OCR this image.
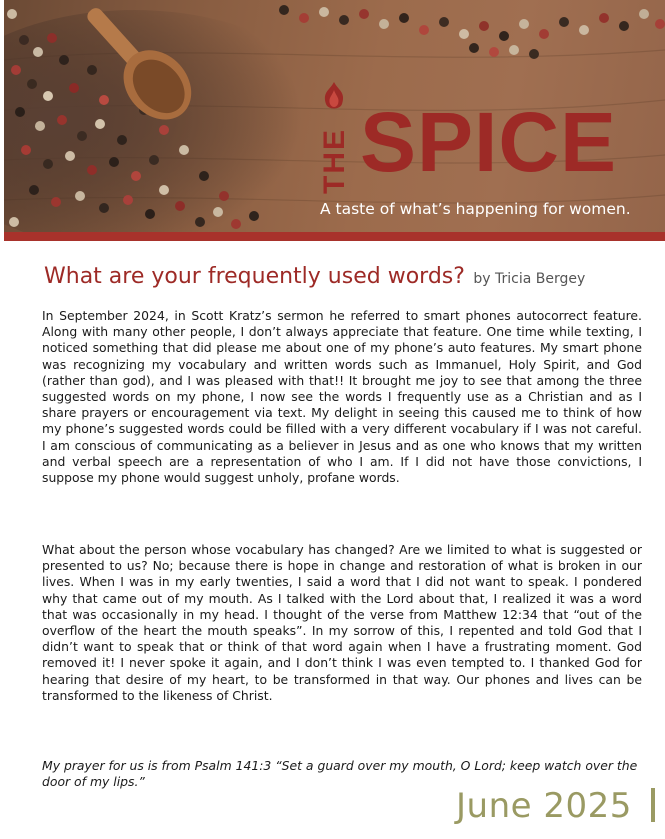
THE SPICE
A taste of what’s happening for women.
What are your frequently used words? by Tricia Bergey

In September 2024, in Scott Kratz’s sermon he referred to smart phones autocorrect feature. Along with many other people, I don’t always appreciate that feature. One time while texting, I noticed something that did please me about one of my phone’s auto features. My smart phone was recognizing my vocabulary and written words such as Immanuel, Holy Spirit, and God (rather than god), and I was pleased with that!! It brought me joy to see that among the three suggested words on my phone, I now see the words I frequently use as a Christian and as I share prayers or encouragement via text. My delight in seeing this caused me to think of how my phone’s suggested words could be filled with a very different vocabulary if I was not careful. I am conscious of communicating as a believer in Jesus and as one who knows that my written and verbal speech are a representation of who I am. If I did not have those convictions, I suppose my phone would suggest unholy, profane words.

What about the person whose vocabulary has changed? Are we limited to what is suggested or presented to us? No; because there is hope in change and restoration of what is broken in our lives. When I was in my early twenties, I said a word that I did not want to speak. I pondered why that came out of my mouth. As I talked with the Lord about that, I realized it was a word that was occasionally in my head. I thought of the verse from Matthew 12:34 that “out of the overflow of the heart the mouth speaks”. In my sorrow of this, I repented and told God that I didn’t want to speak that or think of that word again when I have a frustrating moment. God removed it! I never spoke it again, and I don’t think I was even tempted to. I thanked God for hearing that desire of my heart, to be transformed in that way. Our phones and lives can be transformed to the likeness of Christ.

My prayer for us is from Psalm 141:3 “Set a guard over my mouth, O Lord; keep watch over the door of my lips.”

June 2025
